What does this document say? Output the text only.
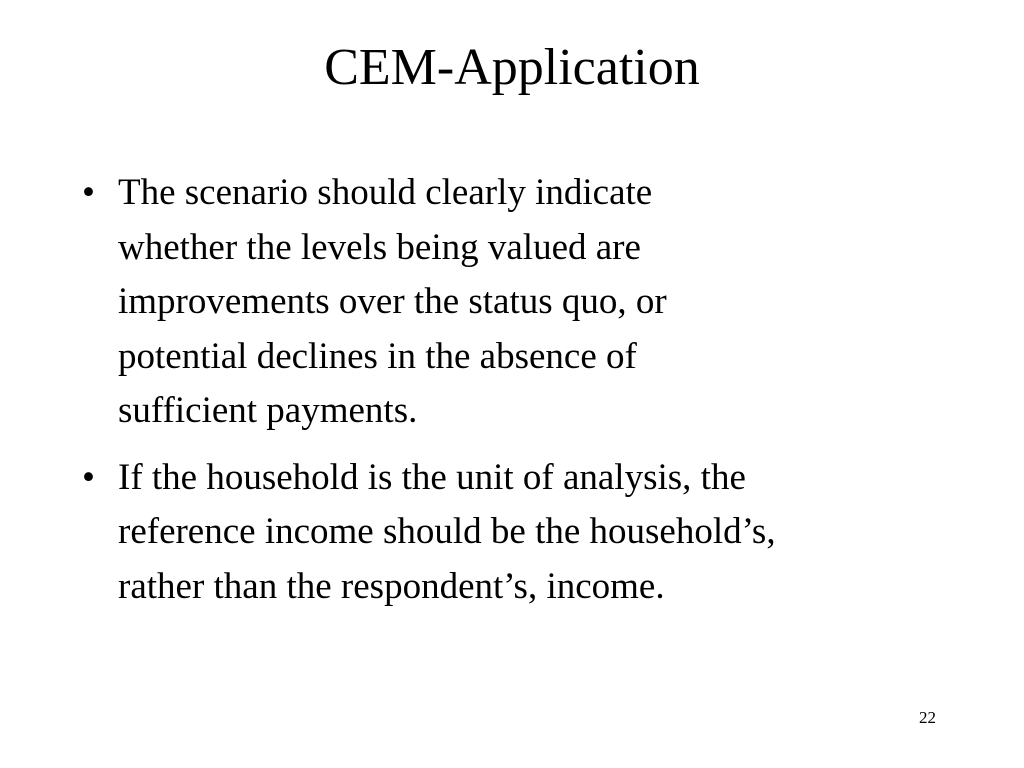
CEM-Application
• The scenario should clearly indicate
whether the levels being valued are
improvements over the status quo, or
potential declines in the absence of
sufficient payments.
• If the household is the unit of analysis, the
reference income should be the household’s,
rather than the respondent’s, income.
22
